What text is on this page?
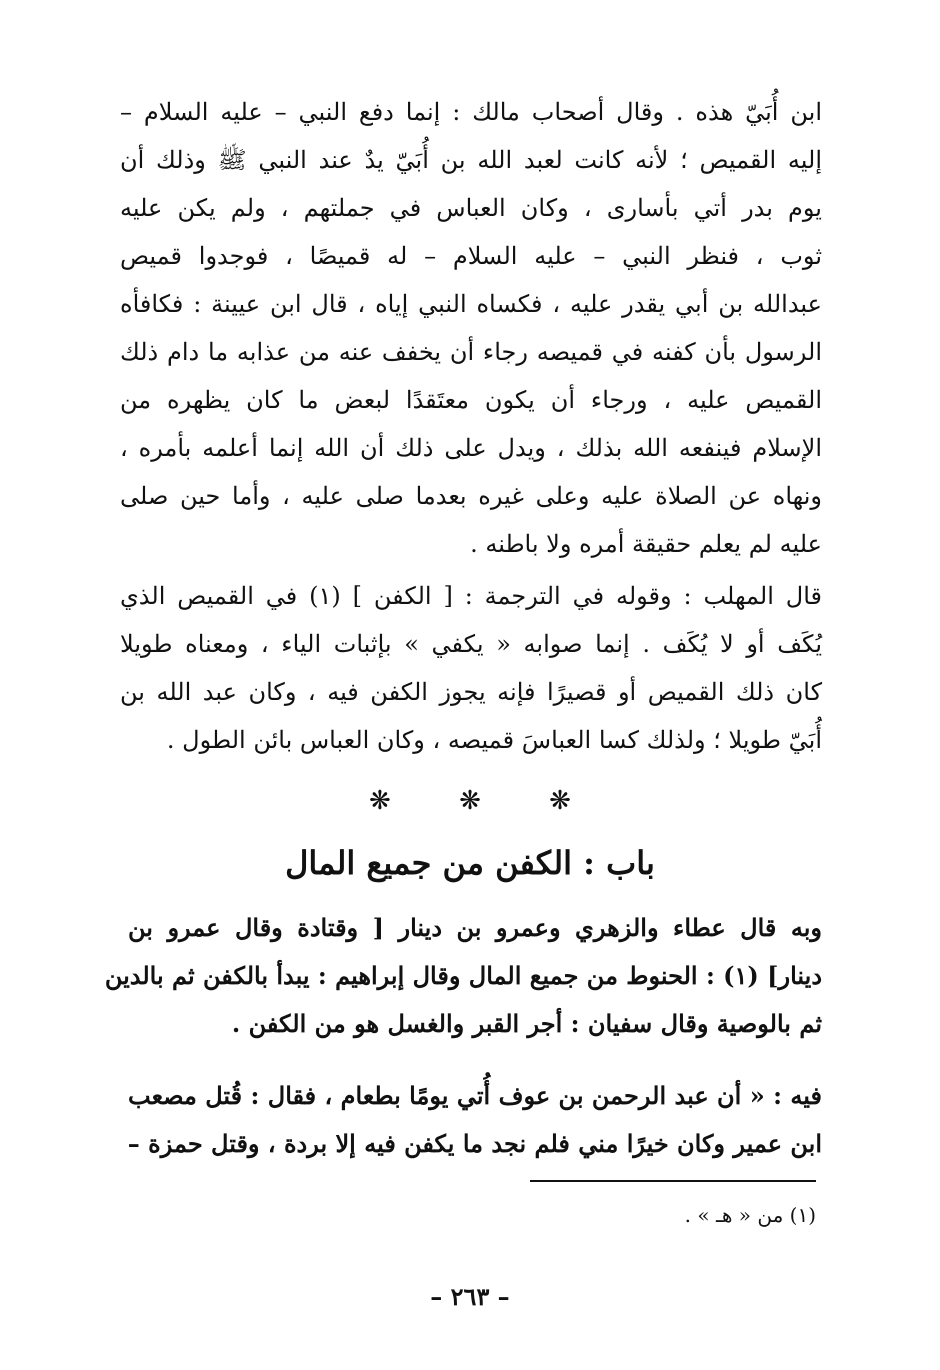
ابن أُبَيّ هذه . وقال أصحاب مالك : إنما دفع النبي – عليه السلام –
إليه القميص ؛ لأنه كانت لعبد الله بن أُبَيّ يدٌ عند النبي ﷺ وذلك أن
يوم بدر أتي بأسارى ، وكان العباس في جملتهم ، ولم يكن عليه
ثوب ، فنظر النبي – عليه السلام – له قميصًا ، فوجدوا قميص
عبدالله بن أبي يقدر عليه ، فكساه النبي إياه ، قال ابن عيينة : فكافأه
الرسول بأن كفنه في قميصه رجاء أن يخفف عنه من عذابه ما دام ذلك
القميص عليه ، ورجاء أن يكون معتَقدًا لبعض ما كان يظهره من
الإسلام فينفعه الله بذلك ، ويدل على ذلك أن الله إنما أعلمه بأمره ،
ونهاه عن الصلاة عليه وعلى غيره بعدما صلى عليه ، وأما حين صلى
عليه لم يعلم حقيقة أمره ولا باطنه .
قال المهلب : وقوله في الترجمة : [ الكفن ] (١) في القميص الذي
يُكَف أو لا يُكَف . إنما صوابه « يكفي » بإثبات الياء ، ومعناه طويلا
كان ذلك القميص أو قصيرًا فإنه يجوز الكفن فيه ، وكان عبد الله بن
أُبَيّ طويلا ؛ ولذلك كسا العباسَ قميصه ، وكان العباس بائن الطول .
❋	❋	❋
باب : الكفن من جميع المال
وبه قال عطاء والزهري وعمرو بن دينار [ وقتادة وقال عمرو بن
دينار] (١) : الحنوط من جميع المال وقال إبراهيم : يبدأ بالكفن ثم بالدين
ثم بالوصية وقال سفيان : أجر القبر والغسل هو من الكفن .
فيه : « أن عبد الرحمن بن عوف أُتي يومًا بطعام ، فقال : قُتل مصعب
ابن عمير وكان خيرًا مني فلم نجد ما يكفن فيه إلا بردة ، وقتل حمزة –
(١) من « هـ » .
– ٢٦٣ –
